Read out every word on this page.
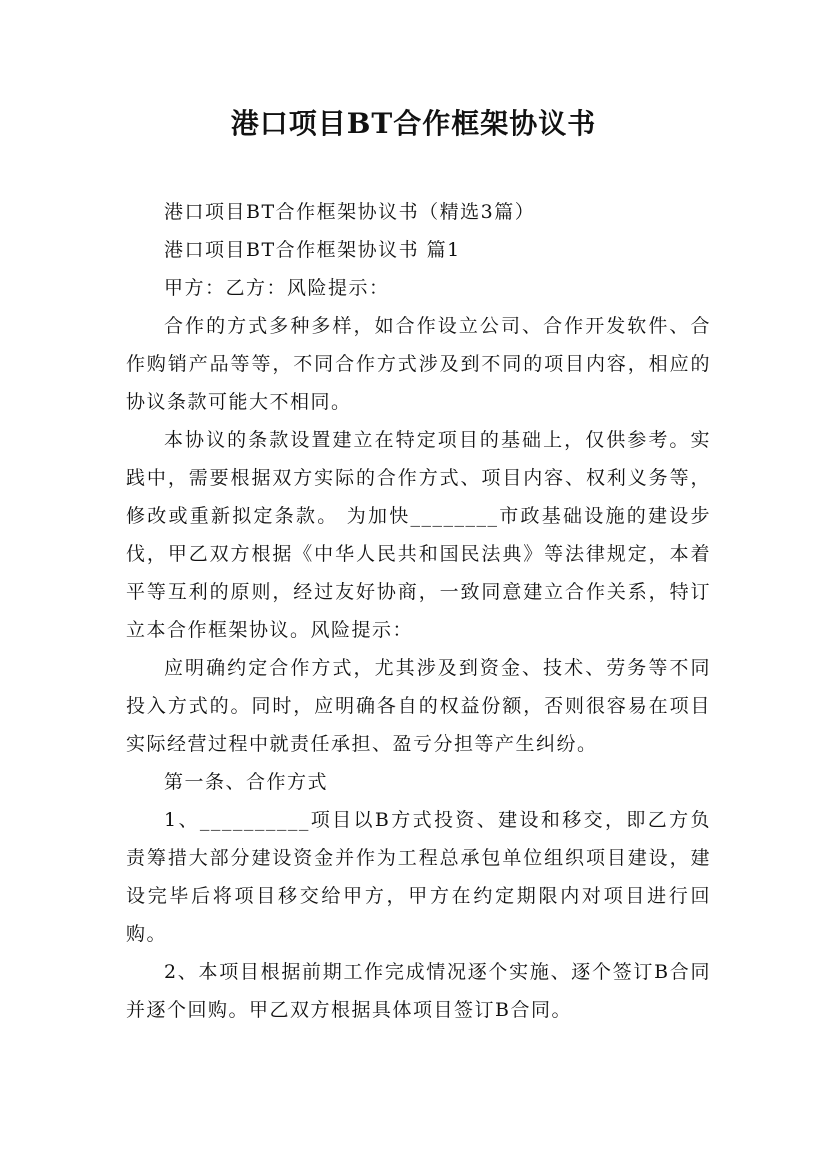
港口项目BT合作框架协议书

港口项目BT合作框架协议书（精选3篇）

港口项目BT合作框架协议书 篇1

甲方：乙方：风险提示：

合作的方式多种多样，如合作设立公司、合作开发软件、合作购销产品等等，不同合作方式涉及到不同的项目内容，相应的协议条款可能大不相同。

本协议的条款设置建立在特定项目的基础上，仅供参考。实践中，需要根据双方实际的合作方式、项目内容、权利义务等，修改或重新拟定条款。 为加快________市政基础设施的建设步伐，甲乙双方根据《中华人民共和国民法典》等法律规定，本着平等互利的原则，经过友好协商，一致同意建立合作关系，特订立本合作框架协议。风险提示：

应明确约定合作方式，尤其涉及到资金、技术、劳务等不同投入方式的。同时，应明确各自的权益份额，否则很容易在项目实际经营过程中就责任承担、盈亏分担等产生纠纷。

第一条、合作方式

1、__________项目以B方式投资、建设和移交，即乙方负责筹措大部分建设资金并作为工程总承包单位组织项目建设，建设完毕后将项目移交给甲方，甲方在约定期限内对项目进行回购。

2、本项目根据前期工作完成情况逐个实施、逐个签订B合同并逐个回购。甲乙双方根据具体项目签订B合同。
